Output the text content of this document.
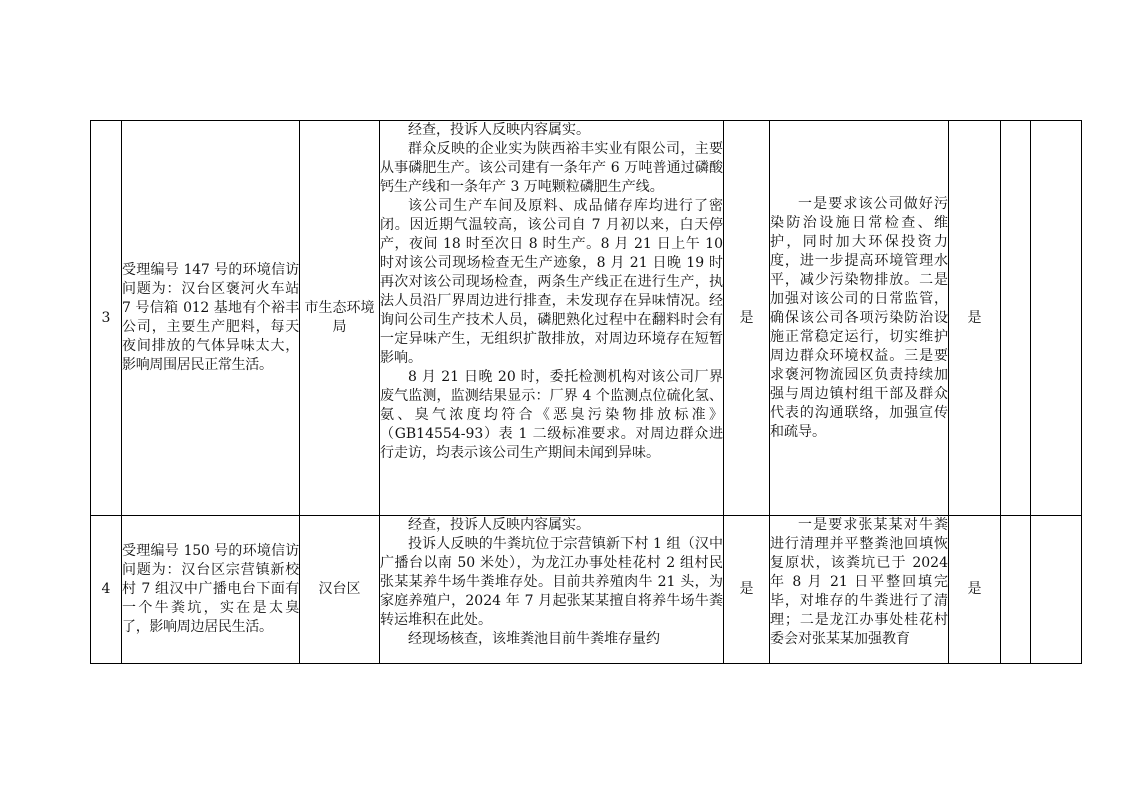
3	受理编号 147 号的环境信访问题为：汉台区褒河火车站 7 号信箱 012 基地有个裕丰公司，主要生产肥料，每天夜间排放的气体异味太大，影响周围居民正常生活。	市生态环境局	经查，投诉人反映内容属实。

群众反映的企业实为陕西裕丰实业有限公司，主要从事磷肥生产。该公司建有一条年产 6 万吨普通过磷酸钙生产线和一条年产 3 万吨颗粒磷肥生产线。

该公司生产车间及原料、成品储存库均进行了密闭。因近期气温较高，该公司自 7 月初以来，白天停产，夜间 18 时至次日 8 时生产。8 月 21 日上午 10 时对该公司现场检查无生产迹象，8 月 21 日晚 19 时再次对该公司现场检查，两条生产线正在进行生产，执法人员沿厂界周边进行排查，未发现存在异味情况。经询问公司生产技术人员，磷肥熟化过程中在翻料时会有一定异味产生，无组织扩散排放，对周边环境存在短暂影响。

8 月 21 日晚 20 时，委托检测机构对该公司厂界废气监测，监测结果显示：厂界 4 个监测点位硫化氢、氨、臭气浓度均符合《恶臭污染物排放标准》（GB14554-93）表 1 二级标准要求。对周边群众进行走访，均表示该公司生产期间未闻到异味。	是	一是要求该公司做好污染防治设施日常检查、维护，同时加大环保投资力度，进一步提高环境管理水平，减少污染物排放。二是加强对该公司的日常监管，确保该公司各项污染防治设施正常稳定运行，切实维护周边群众环境权益。三是要求褒河物流园区负责持续加强与周边镇村组干部及群众代表的沟通联络，加强宣传和疏导。	是		
4	受理编号 150 号的环境信访问题为：汉台区宗营镇新校村 7 组汉中广播电台下面有一个牛粪坑，实在是太臭了，影响周边居民生活。	汉台区	经查，投诉人反映内容属实。

投诉人反映的牛粪坑位于宗营镇新下村 1 组（汉中广播台以南 50 米处），为龙江办事处桂花村 2 组村民张某某养牛场牛粪堆存处。目前共养殖肉牛 21 头，为家庭养殖户，2024 年 7 月起张某某擅自将养牛场牛粪转运堆积在此处。

经现场核查，该堆粪池目前牛粪堆存量约	是	一是要求张某某对牛粪进行清理并平整粪池回填恢复原状，该粪坑已于 2024 年 8 月 21 日平整回填完毕，对堆存的牛粪进行了清理；二是龙江办事处桂花村委会对张某某加强教育	是		
